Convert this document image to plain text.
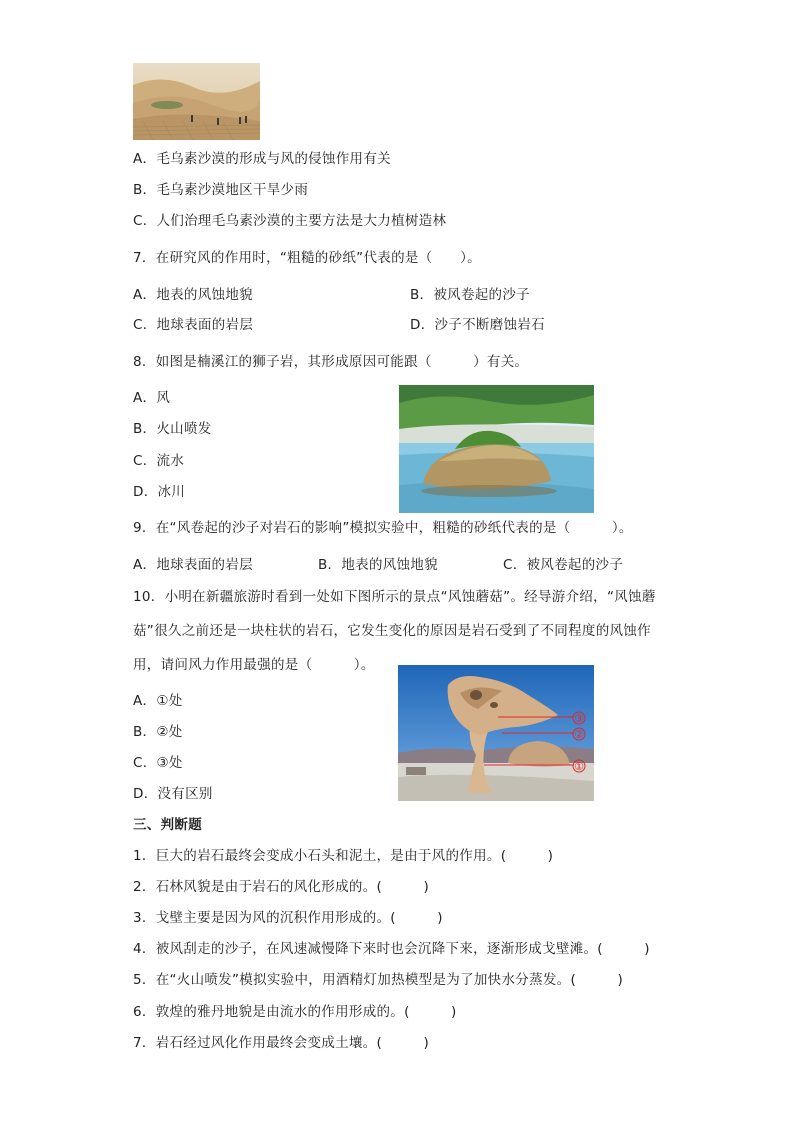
A．毛乌素沙漠的形成与风的侵蚀作用有关
B．毛乌素沙漠地区干旱少雨
C．人们治理毛乌素沙漠的主要方法是大力植树造林
7．在研究风的作用时，“粗糙的砂纸”代表的是（　　）。
A．地表的风蚀地貌	B．被风卷起的沙子
C．地球表面的岩层	D．沙子不断磨蚀岩石
8．如图是楠溪江的狮子岩，其形成原因可能跟（　　　）有关。
A．风
B．火山喷发
C．流水
D．冰川
9．在“风卷起的沙子对岩石的影响”模拟实验中，粗糙的砂纸代表的是（　　　）。
A．地球表面的岩层	B．地表的风蚀地貌	C．被风卷起的沙子
10．小明在新疆旅游时看到一处如下图所示的景点“风蚀蘑菇”。经导游介绍，“风蚀蘑
菇”很久之前还是一块柱状的岩石，它发生变化的原因是岩石受到了不同程度的风蚀作
用，请问风力作用最强的是（　　　）。
A．①处
B．②处
C．③处
D．没有区别
③
②
①
三、判断题
1．巨大的岩石最终会变成小石头和泥土，是由于风的作用。(　　　)
2．石林风貌是由于岩石的风化形成的。(　　　)
3．戈壁主要是因为风的沉积作用形成的。(　　　)
4．被风刮走的沙子，在风速减慢降下来时也会沉降下来，逐渐形成戈壁滩。(　　　)
5．在“火山喷发”模拟实验中，用酒精灯加热模型是为了加快水分蒸发。(　　　)
6．敦煌的雅丹地貌是由流水的作用形成的。(　　　)
7．岩石经过风化作用最终会变成土壤。(　　　)
